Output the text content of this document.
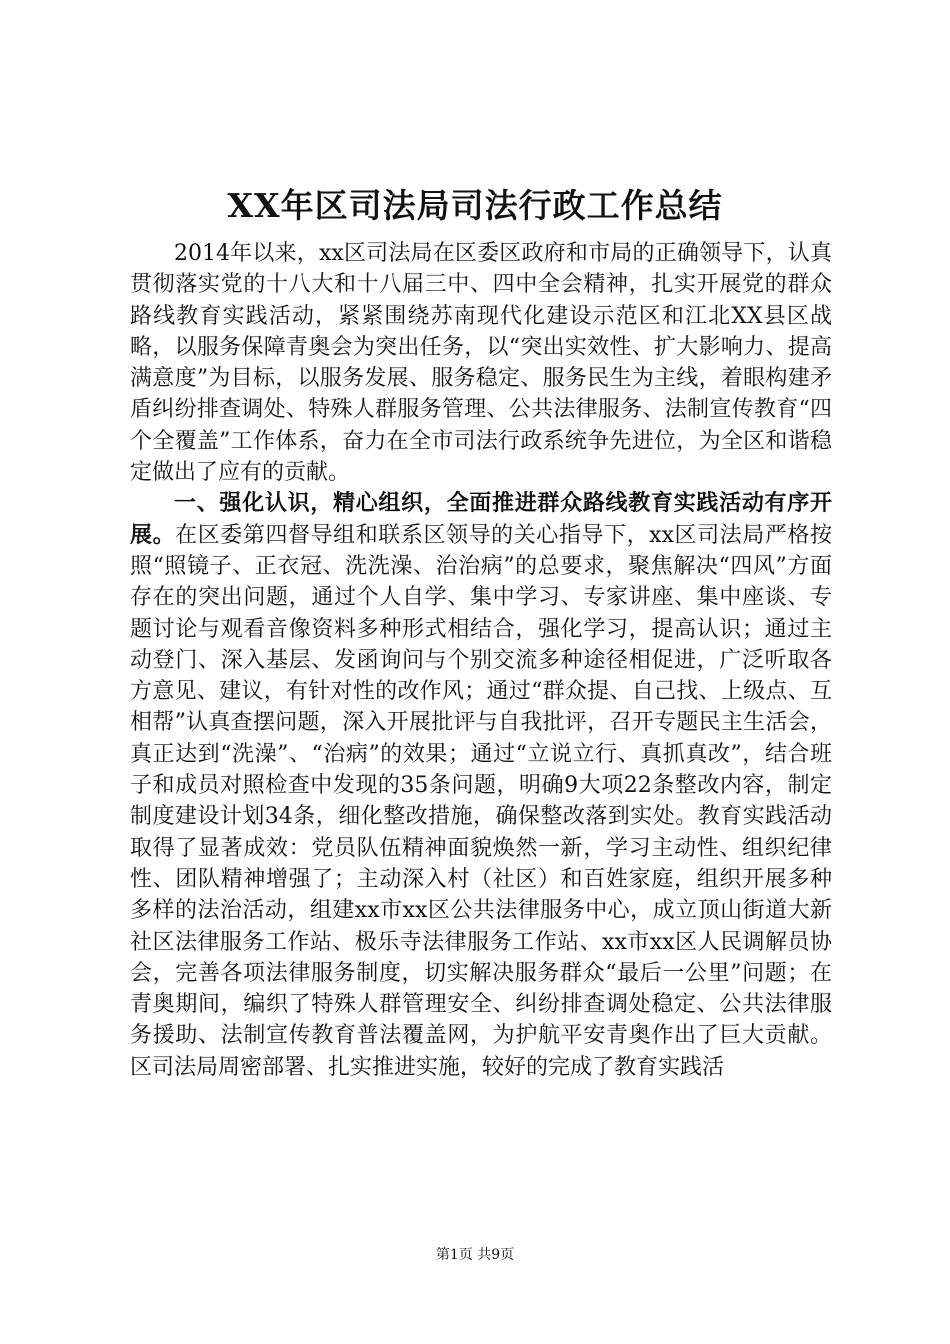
XX年区司法局司法行政工作总结

2014年以来，xx区司法局在区委区政府和市局的正确领导下，认真贯彻落实党的十八大和十八届三中、四中全会精神，扎实开展党的群众路线教育实践活动，紧紧围绕苏南现代化建设示范区和江北XX县区战略，以服务保障青奥会为突出任务，以“突出实效性、扩大影响力、提高满意度”为目标，以服务发展、服务稳定、服务民生为主线，着眼构建矛盾纠纷排查调处、特殊人群服务管理、公共法律服务、法制宣传教育“四个全覆盖”工作体系，奋力在全市司法行政系统争先进位，为全区和谐稳定做出了应有的贡献。

一、强化认识，精心组织，全面推进群众路线教育实践活动有序开展。在区委第四督导组和联系区领导的关心指导下，xx区司法局严格按照“照镜子、正衣冠、洗洗澡、治治病”的总要求，聚焦解决“四风”方面存在的突出问题，通过个人自学、集中学习、专家讲座、集中座谈、专题讨论与观看音像资料多种形式相结合，强化学习，提高认识；通过主动登门、深入基层、发函询问与个别交流多种途径相促进，广泛听取各方意见、建议，有针对性的改作风；通过“群众提、自己找、上级点、互相帮”认真查摆问题，深入开展批评与自我批评，召开专题民主生活会，真正达到“洗澡”、“治病”的效果；通过“立说立行、真抓真改”，结合班子和成员对照检查中发现的35条问题，明确9大项22条整改内容，制定制度建设计划34条，细化整改措施，确保整改落到实处。教育实践活动取得了显著成效：党员队伍精神面貌焕然一新，学习主动性、组织纪律性、团队精神增强了；主动深入村（社区）和百姓家庭，组织开展多种多样的法治活动，组建xx市xx区公共法律服务中心，成立顶山街道大新社区法律服务工作站、极乐寺法律服务工作站、xx市xx区人民调解员协会，完善各项法律服务制度，切实解决服务群众“最后一公里”问题；在青奥期间，编织了特殊人群管理安全、纠纷排查调处稳定、公共法律服务援助、法制宣传教育普法覆盖网，为护航平安青奥作出了巨大贡献。区司法局周密部署、扎实推进实施，较好的完成了教育实践活

第1页 共9页
